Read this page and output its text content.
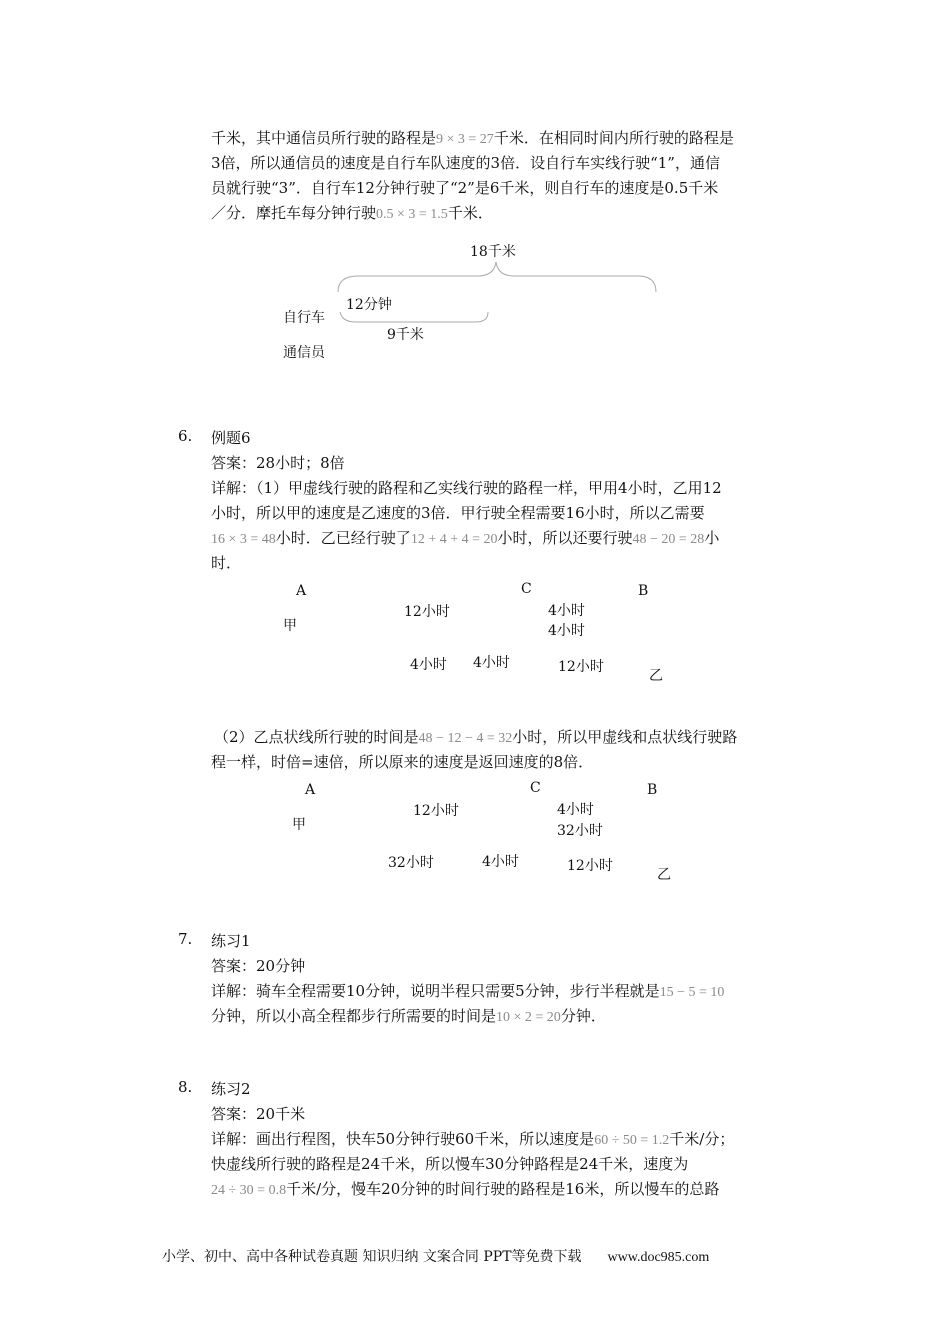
千米，其中通信员所行驶的路程是9 × 3 = 27千米．在相同时间内所行驶的路程是
3倍，所以通信员的速度是自行车队速度的3倍．设自行车实线行驶“1”，通信
员就行驶“3”．自行车12分钟行驶了“2”是6千米，则自行车的速度是0.5千米
／分．摩托车每分钟行驶0.5 × 3 = 1.5千米．
18千米
12分钟
自行车
9千米
通信员
6. 例题6
答案：28小时；8倍
详解：（1）甲虚线行驶的路程和乙实线行驶的路程一样，甲用4小时，乙用12
小时，所以甲的速度是乙速度的3倍．甲行驶全程需要16小时，所以乙需要
16 × 3 = 48小时．乙已经行驶了12 + 4 + 4 = 20小时，所以还要行驶48 − 20 = 28小
时．
A	C	B
甲
12小时	4小时
4小时
4小时 4小时	12小时
乙
（2）乙点状线所行驶的时间是48 − 12 − 4 = 32小时，所以甲虚线和点状线行驶路
程一样，时倍=速倍，所以原来的速度是返回速度的8倍．
A	C	B
甲
12小时	4小时
32小时
32小时	4小时	12小时
乙
7. 练习1
答案：20分钟
详解：骑车全程需要10分钟，说明半程只需要5分钟，步行半程就是15 − 5 = 10
分钟，所以小高全程都步行所需要的时间是10 × 2 = 20分钟．
8. 练习2
答案：20千米
详解：画出行程图，快车50分钟行驶60千米，所以速度是60 ÷ 50 = 1.2千米/分；
快虚线所行驶的路程是24千米，所以慢车30分钟路程是24千米，速度为
24 ÷ 30 = 0.8千米/分，慢车20分钟的时间行驶的路程是16米，所以慢车的总路
小学、初中、高中各种试卷真题 知识归纳 文案合同 PPT等免费下载 www.doc985.com
